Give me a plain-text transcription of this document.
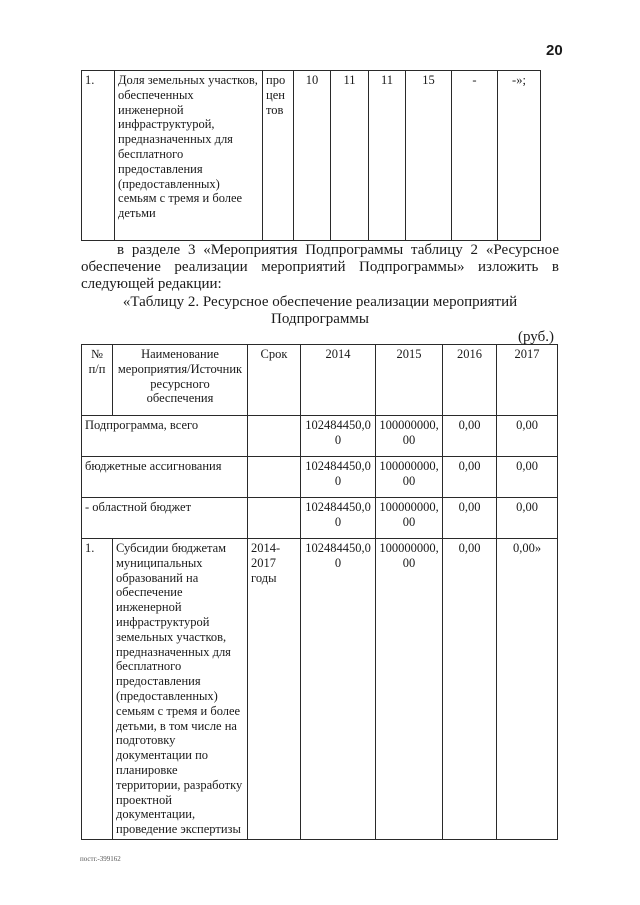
20
1.	Доля земельных участков, обеспеченных инженерной инфраструктурой, предназначенных для бесплатного предоставления (предоставленных) семьям с тремя и более детьми	про цен тов	10	11	11	15	-	-»;
в разделе 3 «Мероприятия Подпрограммы таблицу 2 «Ресурсное обеспечение реализации мероприятий Подпрограммы» изложить в следующей редакции:
«Таблицу 2. Ресурсное обеспечение реализации мероприятий Подпрограммы
(руб.)
№ п/п	Наименование мероприятия/Источник ресурсного обеспечения	Срок	2014	2015	2016	2017
Подпрограмма, всего			102484450,00	100000000,00	0,00	0,00
бюджетные ассигнования			102484450,00	100000000,00	0,00	0,00
- областной бюджет			102484450,00	100000000,00	0,00	0,00
1.	Субсидии бюджетам муниципальных образований на обеспечение инженерной инфраструктурой земельных участков, предназначенных для бесплатного предоставления (предоставленных) семьям с тремя и более детьми, в том числе на подготовку документации по планировке территории, разработку проектной документации, проведение экспертизы	2014-2017 годы	102484450,00	100000000,00	0,00	0,00»
постг.-399162
